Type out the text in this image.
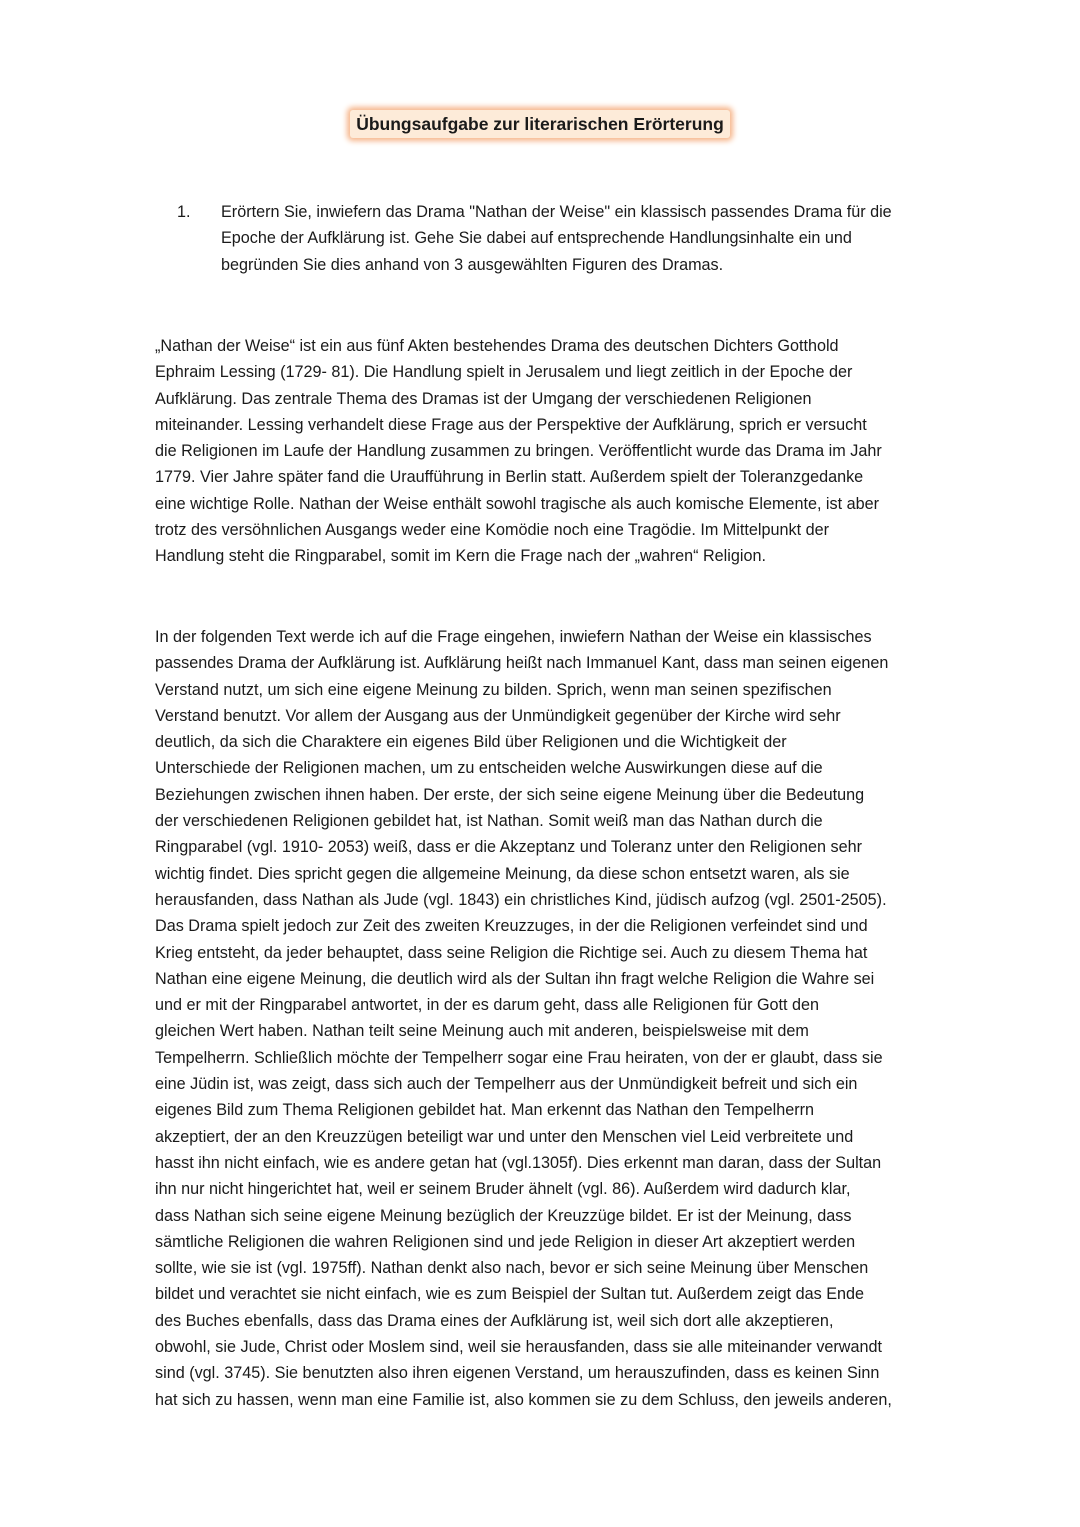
Übungsaufgabe zur literarischen Erörterung
1.	Erörtern Sie, inwiefern das Drama "Nathan der Weise" ein klassisch passendes Drama für die
Epoche der Aufklärung ist. Gehe Sie dabei auf entsprechende Handlungsinhalte ein und
begründen Sie dies anhand von 3 ausgewählten Figuren des Dramas.

„Nathan der Weise“ ist ein aus fünf Akten bestehendes Drama des deutschen Dichters Gotthold
Ephraim Lessing (1729- 81). Die Handlung spielt in Jerusalem und liegt zeitlich in der Epoche der
Aufklärung. Das zentrale Thema des Dramas ist der Umgang der verschiedenen Religionen
miteinander. Lessing verhandelt diese Frage aus der Perspektive der Aufklärung, sprich er versucht
die Religionen im Laufe der Handlung zusammen zu bringen. Veröffentlicht wurde das Drama im Jahr
1779. Vier Jahre später fand die Uraufführung in Berlin statt. Außerdem spielt der Toleranzgedanke
eine wichtige Rolle. Nathan der Weise enthält sowohl tragische als auch komische Elemente, ist aber
trotz des versöhnlichen Ausgangs weder eine Komödie noch eine Tragödie. Im Mittelpunkt der
Handlung steht die Ringparabel, somit im Kern die Frage nach der „wahren“ Religion.

In der folgenden Text werde ich auf die Frage eingehen, inwiefern Nathan der Weise ein klassisches
passendes Drama der Aufklärung ist. Aufklärung heißt nach Immanuel Kant, dass man seinen eigenen
Verstand nutzt, um sich eine eigene Meinung zu bilden. Sprich, wenn man seinen spezifischen
Verstand benutzt. Vor allem der Ausgang aus der Unmündigkeit gegenüber der Kirche wird sehr
deutlich, da sich die Charaktere ein eigenes Bild über Religionen und die Wichtigkeit der
Unterschiede der Religionen machen, um zu entscheiden welche Auswirkungen diese auf die
Beziehungen zwischen ihnen haben. Der erste, der sich seine eigene Meinung über die Bedeutung
der verschiedenen Religionen gebildet hat, ist Nathan. Somit weiß man das Nathan durch die
Ringparabel (vgl. 1910- 2053) weiß, dass er die Akzeptanz und Toleranz unter den Religionen sehr
wichtig findet. Dies spricht gegen die allgemeine Meinung, da diese schon entsetzt waren, als sie
herausfanden, dass Nathan als Jude (vgl. 1843) ein christliches Kind, jüdisch aufzog (vgl. 2501-2505).
Das Drama spielt jedoch zur Zeit des zweiten Kreuzzuges, in der die Religionen verfeindet sind und
Krieg entsteht, da jeder behauptet, dass seine Religion die Richtige sei. Auch zu diesem Thema hat
Nathan eine eigene Meinung, die deutlich wird als der Sultan ihn fragt welche Religion die Wahre sei
und er mit der Ringparabel antwortet, in der es darum geht, dass alle Religionen für Gott den
gleichen Wert haben. Nathan teilt seine Meinung auch mit anderen, beispielsweise mit dem
Tempelherrn. Schließlich möchte der Tempelherr sogar eine Frau heiraten, von der er glaubt, dass sie
eine Jüdin ist, was zeigt, dass sich auch der Tempelherr aus der Unmündigkeit befreit und sich ein
eigenes Bild zum Thema Religionen gebildet hat. Man erkennt das Nathan den Tempelherrn
akzeptiert, der an den Kreuzzügen beteiligt war und unter den Menschen viel Leid verbreitete und
hasst ihn nicht einfach, wie es andere getan hat (vgl.1305f). Dies erkennt man daran, dass der Sultan
ihn nur nicht hingerichtet hat, weil er seinem Bruder ähnelt (vgl. 86). Außerdem wird dadurch klar,
dass Nathan sich seine eigene Meinung bezüglich der Kreuzzüge bildet. Er ist der Meinung, dass
sämtliche Religionen die wahren Religionen sind und jede Religion in dieser Art akzeptiert werden
sollte, wie sie ist (vgl. 1975ff). Nathan denkt also nach, bevor er sich seine Meinung über Menschen
bildet und verachtet sie nicht einfach, wie es zum Beispiel der Sultan tut. Außerdem zeigt das Ende
des Buches ebenfalls, dass das Drama eines der Aufklärung ist, weil sich dort alle akzeptieren,
obwohl, sie Jude, Christ oder Moslem sind, weil sie herausfanden, dass sie alle miteinander verwandt
sind (vgl. 3745). Sie benutzten also ihren eigenen Verstand, um herauszufinden, dass es keinen Sinn
hat sich zu hassen, wenn man eine Familie ist, also kommen sie zu dem Schluss, den jeweils anderen,
